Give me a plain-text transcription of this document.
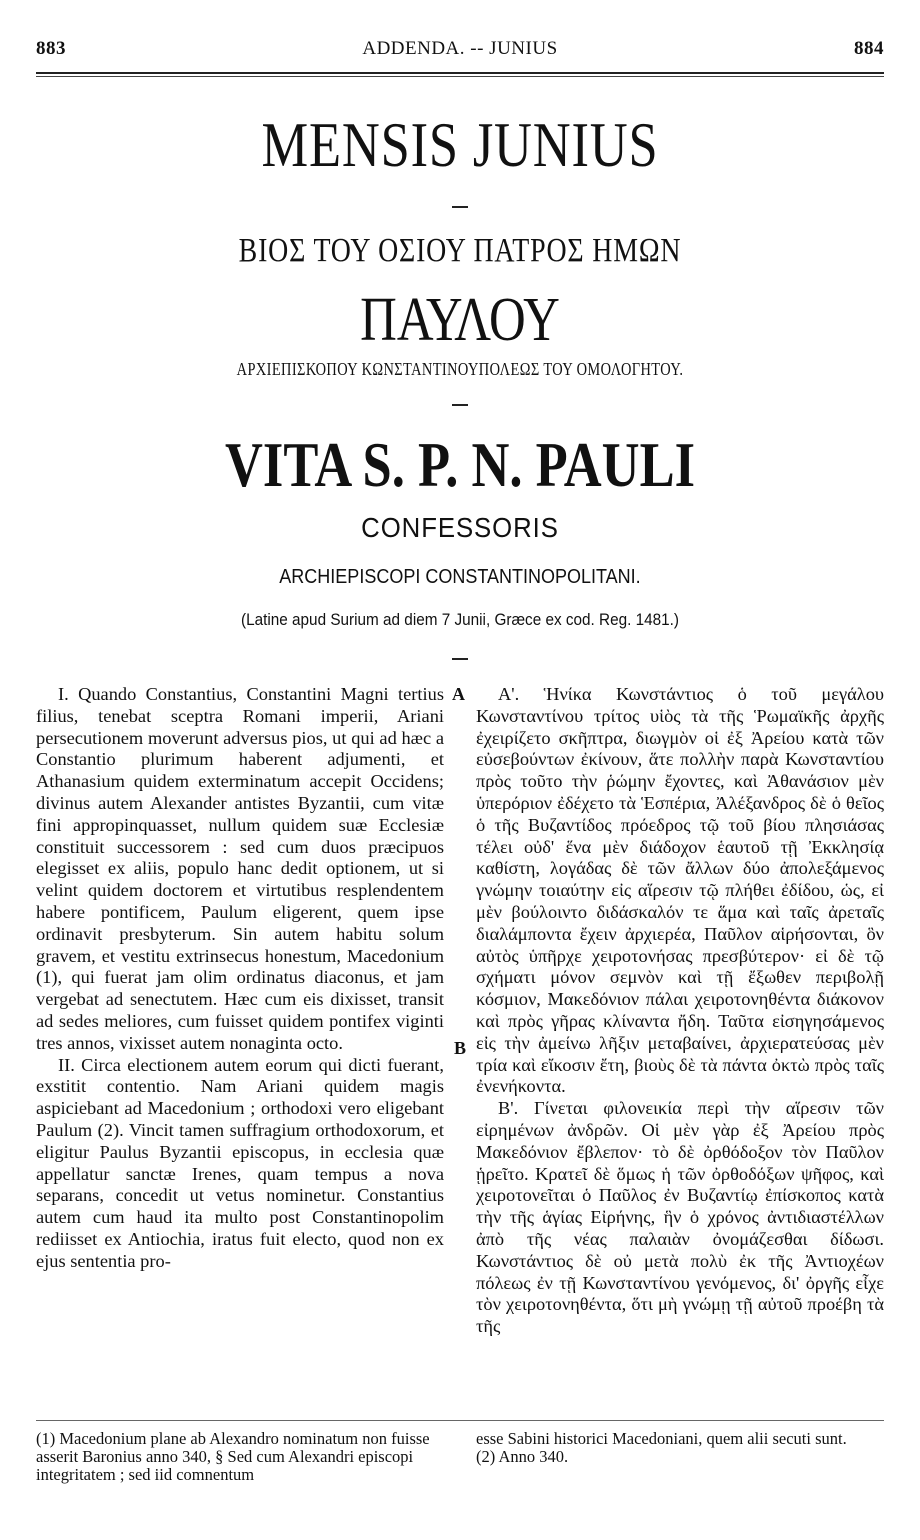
883	ADDENDA. -- JUNIUS	884
MENSIS JUNIUS
ΒΙΟΣ ΤΟΥ ΟΣΙΟΥ ΠΑΤΡΟΣ ΗΜΩΝ
ΠΑΥΛΟΥ
ΑΡΧΙΕΠΙΣΚΟΠΟΥ ΚΩΝΣΤΑΝΤΙΝΟΥΠΟΛΕΩΣ ΤΟΥ ΟΜΟΛΟΓΗΤΟΥ.
VITA S. P. N. PAULI
CONFESSORIS
ARCHIEPISCOPI CONSTANTINOPOLITANI.
(Latine apud Surium ad diem 7 Junii, Græce ex cod. Reg. 1481.)

I. Quando Constantius, Constantini Magni tertius filius, tenebat sceptra Romani imperii, Ariani persecutionem moverunt adversus pios, ut qui ad hæc a Constantio plurimum haberent adjumenti, et Athanasium quidem exterminatum accepit Occidens; divinus autem Alexander antistes Byzantii, cum vitæ fini appropinquasset, nullum quidem suæ Ecclesiæ constituit successorem : sed cum duos præcipuos elegisset ex aliis, populo hanc dedit optionem, ut si velint quidem doctorem et virtutibus resplendentem habere pontificem, Paulum eligerent, quem ipse ordinavit presbyterum. Sin autem habitu solum gravem, et vestitu extrinsecus honestum, Macedonium (1), qui fuerat jam olim ordinatus diaconus, et jam vergebat ad senectutem. Hæc cum eis dixisset, transit ad sedes meliores, cum fuisset quidem pontifex viginti tres annos, vixisset autem nonaginta octo.

II. Circa electionem autem eorum qui dicti fuerant, exstitit contentio. Nam Ariani quidem magis aspiciebant ad Macedonium ; orthodoxi vero eligebant Paulum (2). Vincit tamen suffragium orthodoxorum, et eligitur Paulus Byzantii episcopus, in ecclesia quæ appellatur sanctæ Irenes, quam tempus a nova separans, concedit ut vetus nominetur. Constantius autem cum haud ita multo post Constantinopolim rediisset ex Antiochia, iratus fuit electo, quod non ex ejus sententia pro-

A
B

Α'. Ἡνίκα Κωνστάντιος ὁ τοῦ μεγάλου Κωνσταντίνου τρίτος υἱὸς τὰ τῆς Ῥωμαϊκῆς ἀρχῆς ἐχειρίζετο σκῆπτρα, διωγμὸν οἱ ἐξ Ἀρείου κατὰ τῶν εὐσεβούντων ἐκίνουν, ἅτε πολλὴν παρὰ Κωνσταντίου πρὸς τοῦτο τὴν ῥώμην ἔχοντες, καὶ Ἀθανάσιον μὲν ὑπερόριον ἐδέχετο τὰ Ἑσπέρια, Ἀλέξανδρος δὲ ὁ θεῖος ὁ τῆς Βυζαντίδος πρόεδρος τῷ τοῦ βίου πλησιάσας τέλει οὐδ' ἕνα μὲν διάδοχον ἑαυτοῦ τῇ Ἐκκλησίᾳ καθίστη, λογάδας δὲ τῶν ἄλλων δύο ἀπολεξάμενος γνώμην τοιαύτην εἰς αἵρεσιν τῷ πλήθει ἐδίδου, ὡς, εἰ μὲν βούλοιντο διδάσκαλόν τε ἅμα καὶ ταῖς ἀρεταῖς διαλάμποντα ἔχειν ἀρχιερέα, Παῦλον αἱρήσονται, ὃν αὐτὸς ὑπῆρχε χειροτονήσας πρεσβύτερον· εἰ δὲ τῷ σχήματι μόνον σεμνὸν καὶ τῇ ἔξωθεν περιβολῇ κόσμιον, Μακεδόνιον πάλαι χειροτονηθέντα διάκονον καὶ πρὸς γῆρας κλίναντα ἤδη. Ταῦτα εἰσηγησάμενος εἰς τὴν ἀμείνω λῆξιν μεταβαίνει, ἀρχιερατεύσας μὲν τρία καὶ εἴκοσιν ἔτη, βιοὺς δὲ τὰ πάντα ὀκτὼ πρὸς ταῖς ἐνενήκοντα.

Β'. Γίνεται φιλονεικία περὶ τὴν αἵρεσιν τῶν εἰρημένων ἀνδρῶν. Οἱ μὲν γὰρ ἐξ Ἀρείου πρὸς Μακεδόνιον ἔβλεπον· τὸ δὲ ὀρθόδοξον τὸν Παῦλον ᾑρεῖτο. Κρατεῖ δὲ ὅμως ἡ τῶν ὀρθοδόξων ψῆφος, καὶ χειροτονεῖται ὁ Παῦλος ἐν Βυζαντίῳ ἐπίσκοπος κατὰ τὴν τῆς ἁγίας Εἰρήνης, ἣν ὁ χρόνος ἀντιδιαστέλλων ἀπὸ τῆς νέας παλαιὰν ὀνομάζεσθαι δίδωσι. Κωνστάντιος δὲ οὐ μετὰ πολὺ ἐκ τῆς Ἀντιοχέων πόλεως ἐν τῇ Κωνσταντίνου γενόμενος, δι' ὀργῆς εἶχε τὸν χειροτονηθέντα, ὅτι μὴ γνώμῃ τῇ αὐτοῦ προέβη τὰ τῆς

(1) Macedonium plane ab Alexandro nominatum non fuisse asserit Baronius anno 340, § Sed cum Alexandri episcopi integritatem ; sed iid comnentum

esse Sabini historici Macedoniani, quem alii secuti sunt.

(2) Anno 340.
